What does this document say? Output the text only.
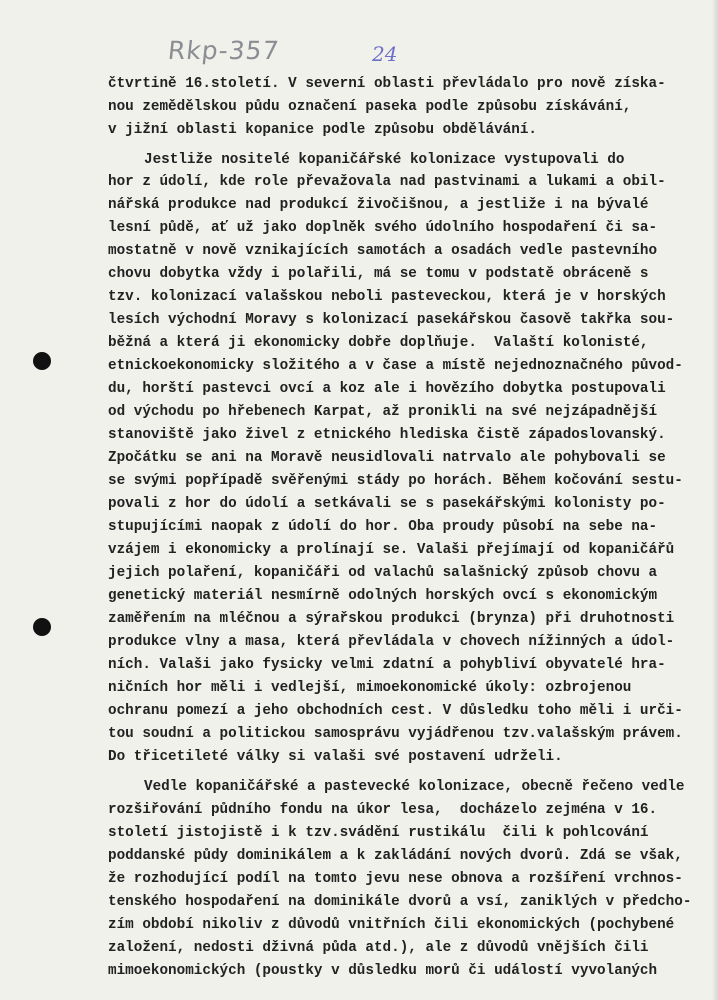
Rkp-357	24
čtvrtině 16.století. V severní oblasti převládalo pro nově získa-
nou zemědělskou půdu označení paseka podle způsobu získávání,
v jižní oblasti kopanice podle způsobu obdělávání.
Jestliže nositelé kopaničářské kolonizace vystupovali do
hor z údolí, kde role převažovala nad pastvinami a lukami a obil-
nářská produkce nad produkcí živočišnou, a jestliže i na bývalé
lesní půdě, ať už jako doplněk svého údolního hospodaření či sa-
mostatně v nově vznikajících samotách a osadách vedle pastevního
chovu dobytka vždy i polařili, má se tomu v podstatě obráceně s
tzv. kolonizací valašskou neboli pasteveckou, která je v horských
lesích východní Moravy s kolonizací pasekářskou časově takřka sou-
běžná a která ji ekonomicky dobře doplňuje.  Valaští kolonisté,
etnickoekonomicky složitého a v čase a místě nejednoznačného původ-
du, horští pastevci ovcí a koz ale i hovězího dobytka postupovali
od východu po hřebenech Karpat, až pronikli na své nejzápadnější
stanoviště jako živel z etnického hlediska čistě západoslovanský.
Zpočátku se ani na Moravě neusidlovali natrvalo ale pohybovali se
se svými popřípadě svěřenými stády po horách. Během kočování sestu-
povali z hor do údolí a setkávali se s pasekářskými kolonisty po-
stupujícími naopak z údolí do hor. Oba proudy působí na sebe na-
vzájem i ekonomicky a prolínají se. Valaši přejímají od kopaničářů
jejich polaření, kopaničáři od valachů salašnický způsob chovu a
genetický materiál nesmírně odolných horských ovcí s ekonomickým
zaměřením na mléčnou a sýrařskou produkci (brynza) při druhotnosti
produkce vlny a masa, která převládala v chovech nížinných a údol-
ních. Valaši jako fysicky velmi zdatní a pohybliví obyvatelé hra-
ničních hor měli i vedlejší, mimoekonomické úkoly: ozbrojenou
ochranu pomezí a jeho obchodních cest. V důsledku toho měli i urči-
tou soudní a politickou samosprávu vyjádřenou tzv.valašským právem.
Do třicetileté války si valaši své postavení udrželi.
Vedle kopaničářské a pastevecké kolonizace, obecně řečeno vedle
rozšiřování půdního fondu na úkor lesa,  docházelo zejména v 16.
století jistojistě i k tzv.svádění rustikálu  čili k pohlcování
poddanské půdy dominikálem a k zakládání nových dvorů. Zdá se však,
že rozhodující podíl na tomto jevu nese obnova a rozšíření vrchnos-
tenského hospodaření na dominikále dvorů a vsí, zaniklých v předcho-
zím období nikoliv z důvodů vnitřních čili ekonomických (pochybené
založení, nedosti dživná půda atd.), ale z důvodů vnějších čili
mimoekonomických (poustky v důsledku morů či událostí vyvolaných
